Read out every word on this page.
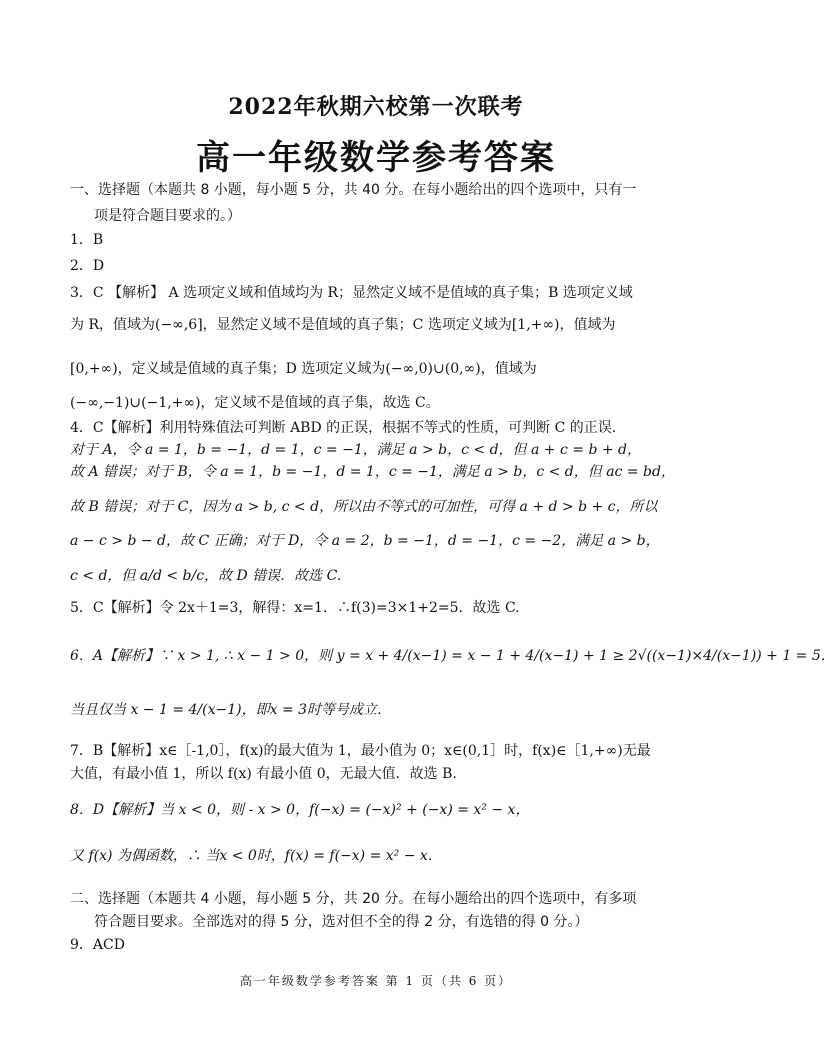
2022年秋期六校第一次联考
高一年级数学参考答案
一、选择题（本题共 8 小题，每小题 5 分，共 40 分。在每小题给出的四个选项中，只有一
项是符合题目要求的。）
1．B
2．D
3．C 【解析】 A 选项定义域和值域均为 R；显然定义域不是值域的真子集；B 选项定义域
为 R，值域为(−∞,6]，显然定义域不是值域的真子集；C 选项定义域为[1,+∞)，值域为
[0,+∞)，定义域是值域的真子集；D 选项定义域为(−∞,0)∪(0,∞)，值域为
(−∞,−1)∪(−1,+∞)，定义域不是值域的真子集，故选 C。
4．C【解析】利用特殊值法可判断 ABD 的正误，根据不等式的性质，可判断 C 的正误.
对于 A，令 a = 1，b = −1，d = 1，c = −1，满足 a > b，c < d，但 a + c = b + d，
故 A 错误；对于 B，令 a = 1，b = −1，d = 1，c = −1，满足 a > b，c < d，但 ac = bd，
故 B 错误；对于 C，因为 a > b, c < d，所以由不等式的可加性，可得 a + d > b + c，所以
a − c > b − d，故 C 正确；对于 D，令 a = 2，b = −1，d = −1，c = −2，满足 a > b，
c < d，但 a/d < b/c，故 D 错误．故选 C.
5．C【解析】令 2x＋1=3，解得：x=1．∴f(3)=3×1+2=5．故选 C.
6．A【解析】∵ x > 1, ∴ x − 1 > 0，则 y = x + 4/(x−1) = x − 1 + 4/(x−1) + 1 ≥ 2√((x−1)×4/(x−1)) + 1 = 5．
当且仅当 x − 1 = 4/(x−1)，即x = 3时等号成立．
7．B【解析】x∈［-1,0］，f(x)的最大值为 1，最小值为 0；x∈(0,1］时，f(x)∈［1,+∞)无最
大值，有最小值 1，所以 f(x) 有最小值 0，无最大值．故选 B.
8．D【解析】当 x < 0，则 - x > 0，f(−x) = (−x)² + (−x) = x² − x，
又 f(x) 为偶函数，∴ 当x < 0时，f(x) = f(−x) = x² − x.
二、选择题（本题共 4 小题，每小题 5 分，共 20 分。在每小题给出的四个选项中，有多项
符合题目要求。全部选对的得 5 分，选对但不全的得 2 分，有选错的得 0 分。）
9．ACD
高一年级数学参考答案 第 1 页（共 6 页）
